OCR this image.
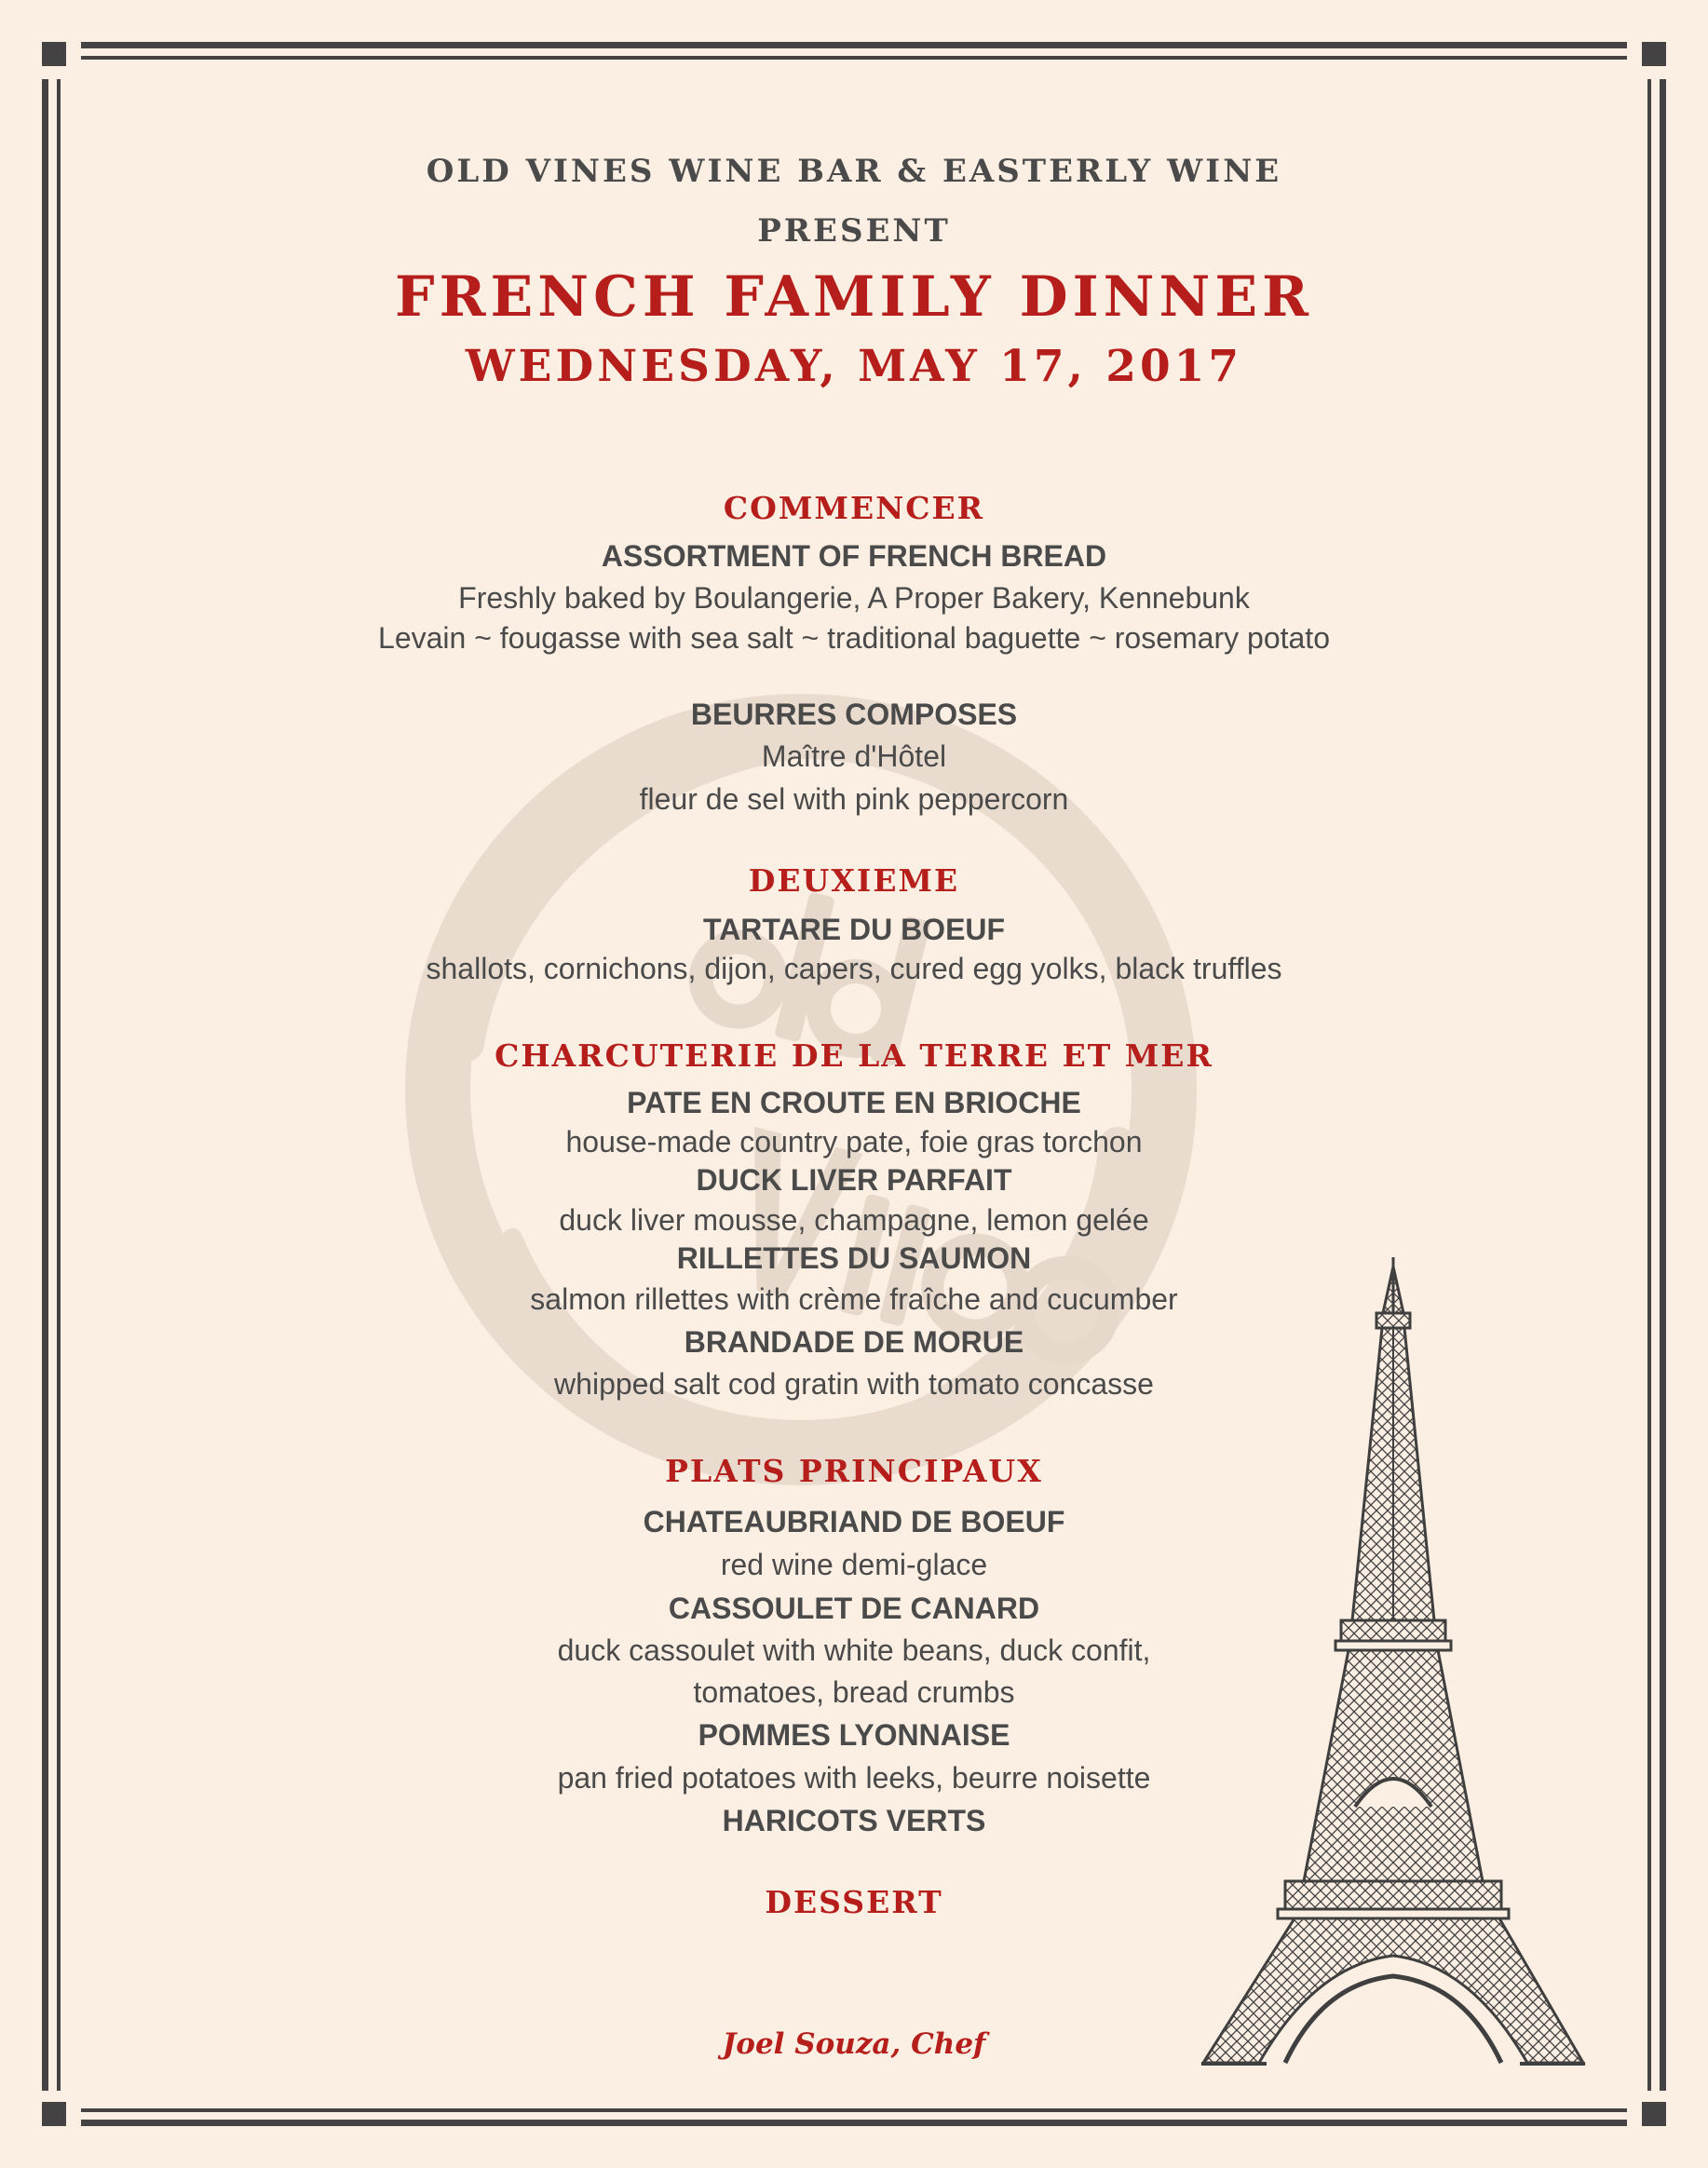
OLD VINES WINE BAR & EASTERLY WINE
PRESENT
FRENCH FAMILY DINNER
WEDNESDAY, MAY 17, 2017
COMMENCER
ASSORTMENT OF FRENCH BREAD
Freshly baked by Boulangerie, A Proper Bakery, Kennebunk
Levain ~ fougasse with sea salt ~ traditional baguette ~ rosemary potato
BEURRES COMPOSES
Maître d'Hôtel
fleur de sel with pink peppercorn
DEUXIEME
TARTARE DU BOEUF
shallots, cornichons, dijon, capers, cured egg yolks, black truffles
CHARCUTERIE DE LA TERRE ET MER
PATE EN CROUTE EN BRIOCHE
house-made country pate, foie gras torchon
DUCK LIVER PARFAIT
duck liver mousse, champagne, lemon gelée
RILLETTES DU SAUMON
salmon rillettes with crème fraîche and cucumber
BRANDADE DE MORUE
whipped salt cod gratin with tomato concasse
PLATS PRINCIPAUX
CHATEAUBRIAND DE BOEUF
red wine demi-glace
CASSOULET DE CANARD
duck cassoulet with white beans, duck confit,
tomatoes, bread crumbs
POMMES LYONNAISE
pan fried potatoes with leeks, beurre noisette
HARICOTS VERTS
DESSERT
Joel Souza, Chef
